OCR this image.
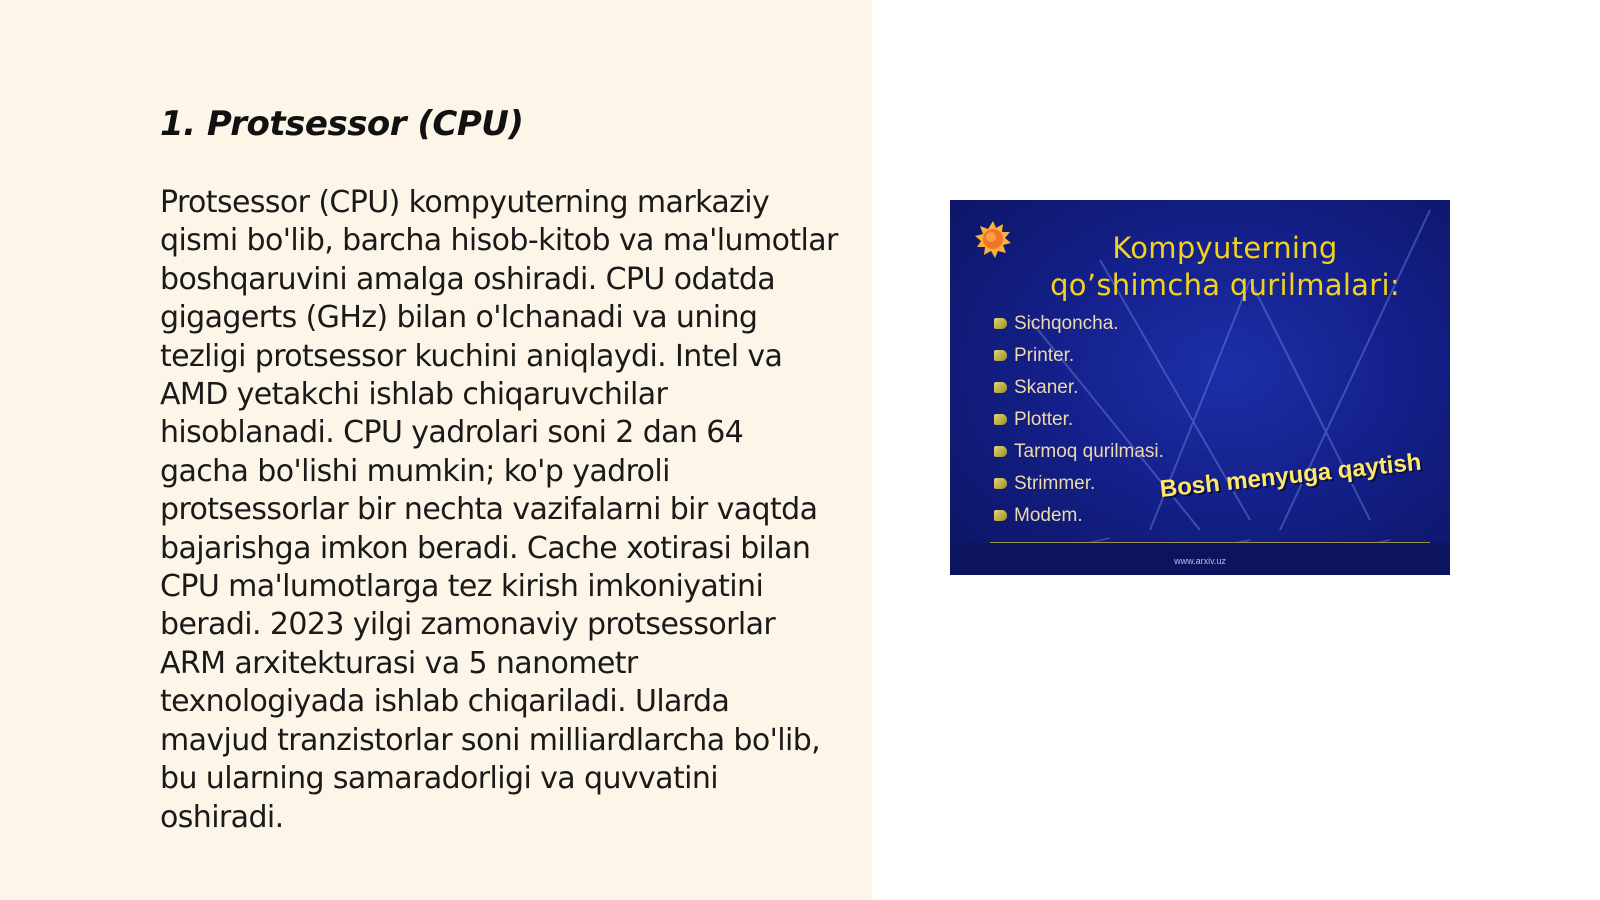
1. Protsessor (CPU)

Protsessor (CPU) kompyuterning markaziy qismi bo'lib, barcha hisob-kitob va ma'lumotlar boshqaruvini amalga oshiradi. CPU odatda gigagerts (GHz) bilan o'lchanadi va uning tezligi protsessor kuchini aniqlaydi. Intel va AMD yetakchi ishlab chiqaruvchilar hisoblanadi. CPU yadrolari soni 2 dan 64 gacha bo'lishi mumkin; ko'p yadroli protsessorlar bir nechta vazifalarni bir vaqtda bajarishga imkon beradi. Cache xotirasi bilan CPU ma'lumotlarga tez kirish imkoniyatini beradi. 2023 yilgi zamonaviy protsessorlar ARM arxitekturasi va 5 nanometr texnologiyada ishlab chiqariladi. Ularda mavjud tranzistorlar soni milliardlarcha bo'lib, bu ularning samaradorligi va quvvatini oshiradi.

Kompyuterning
qo’shimcha qurilmalari:
Sichqoncha.
Printer.
Skaner.
Plotter.
Tarmoq qurilmasi.
Strimmer.
Modem.
Bosh menyuga qaytish
www.arxiv.uz
